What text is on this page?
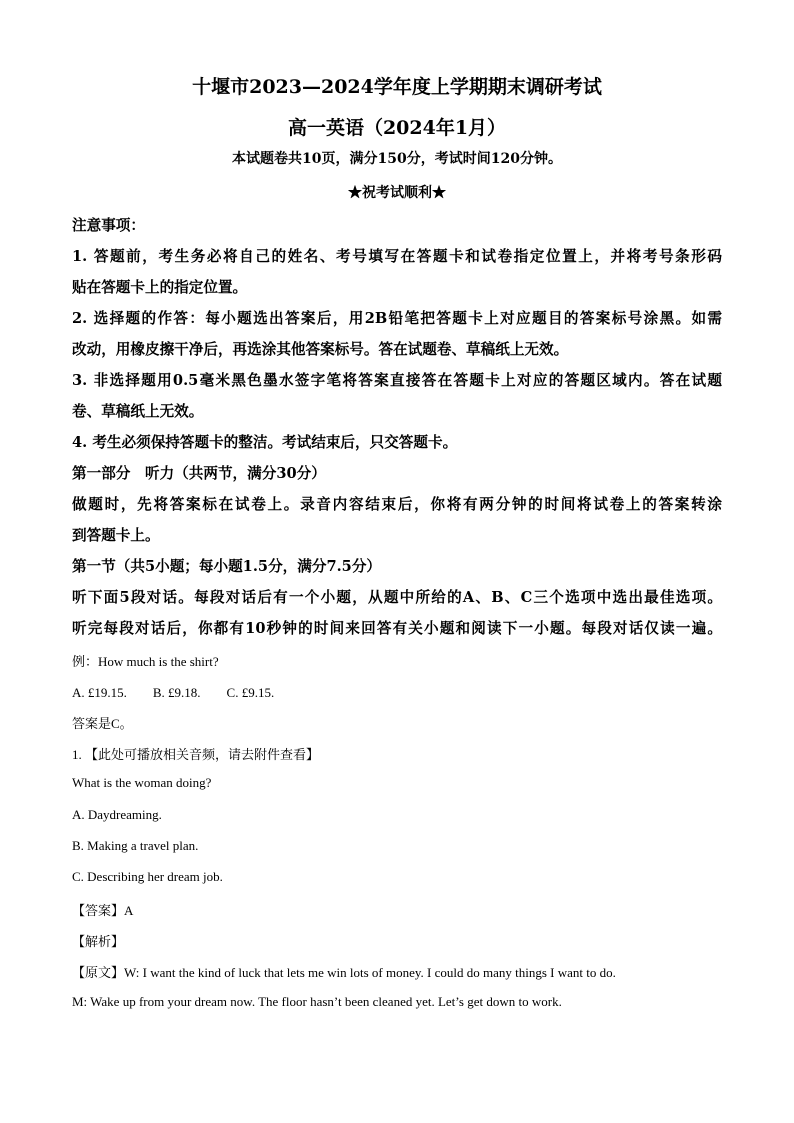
十堰市2023—2024学年度上学期期末调研考试
高一英语（2024年1月）
本试题卷共10页，满分150分，考试时间120分钟。
★祝考试顺利★
注意事项：
1. 答题前，考生务必将自己的姓名、考号填写在答题卡和试卷指定位置上，并将考号条形码
贴在答题卡上的指定位置。
2. 选择题的作答：每小题选出答案后，用2B铅笔把答题卡上对应题目的答案标号涂黑。如需
改动，用橡皮擦干净后，再选涂其他答案标号。答在试题卷、草稿纸上无效。
3. 非选择题用0.5毫米黑色墨水签字笔将答案直接答在答题卡上对应的答题区域内。答在试题
卷、草稿纸上无效。
4. 考生必须保持答题卡的整洁。考试结束后，只交答题卡。
第一部分　听力（共两节，满分30分）
做题时，先将答案标在试卷上。录音内容结束后，你将有两分钟的时间将试卷上的答案转涂
到答题卡上。
第一节（共5小题；每小题1.5分，满分7.5分）
听下面5段对话。每段对话后有一个小题，从题中所给的A、B、C三个选项中选出最佳选项。
听完每段对话后，你都有10秒钟的时间来回答有关小题和阅读下一小题。每段对话仅读一遍。
例：How much is the shirt?
A. £19.15.　　B. £9.18.　　C. £9.15.
答案是C。
1. 【此处可播放相关音频，请去附件查看】
What is the woman doing?
A. Daydreaming.
B. Making a travel plan.
C. Describing her dream job.
【答案】A
【解析】
【原文】W: I want the kind of luck that lets me win lots of money. I could do many things I want to do.
M: Wake up from your dream now. The floor hasn’t been cleaned yet. Let’s get down to work.
